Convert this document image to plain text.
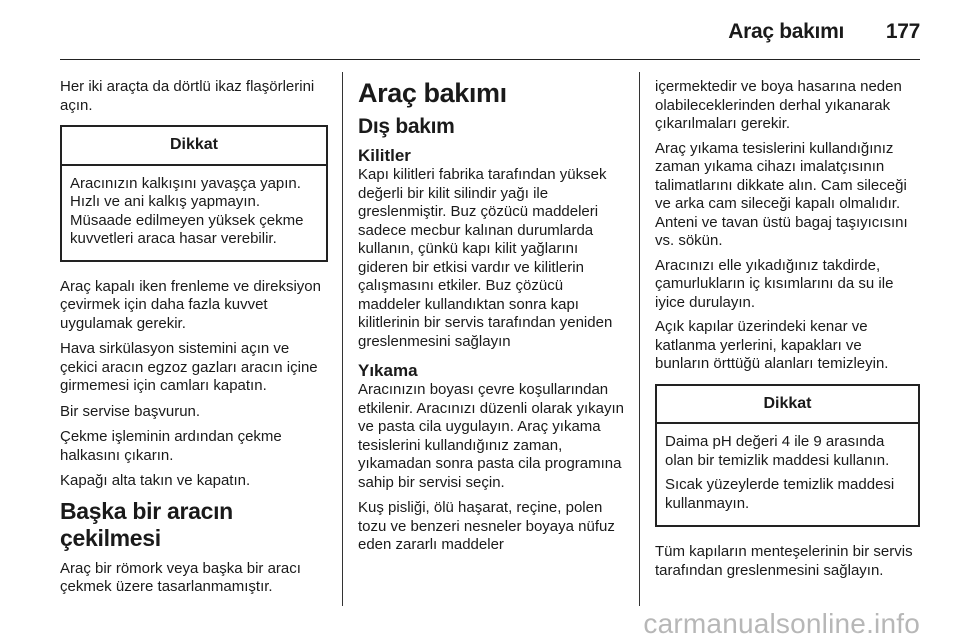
Araç bakımı 177

Her iki araçta da dörtlü ikaz flaşörlerini açın.

Dikkat

Aracınızın kalkışını yavaşça yapın. Hızlı ve ani kalkış yapmayın. Müsaade edilmeyen yüksek çekme kuvvetleri araca hasar verebilir.

Araç kapalı iken frenleme ve direksiyon çevirmek için daha fazla kuvvet uygulamak gerekir.

Hava sirkülasyon sistemini açın ve çekici aracın egzoz gazları aracın içine girmemesi için camları kapatın.

Bir servise başvurun.

Çekme işleminin ardından çekme halkasını çıkarın.

Kapağı alta takın ve kapatın.

Başka bir aracın çekilmesi

Araç bir römork veya başka bir aracı çekmek üzere tasarlanmamıştır.

Araç bakımı
Dış bakım
Kilitler

Kapı kilitleri fabrika tarafından yüksek değerli bir kilit silindir yağı ile greslenmiştir. Buz çözücü maddeleri sadece mecbur kalınan durumlarda kullanın, çünkü kapı kilit yağlarını gideren bir etkisi vardır ve kilitlerin çalışmasını etkiler. Buz çözücü maddeler kullandıktan sonra kapı kilitlerinin bir servis tarafından yeniden greslenmesini sağlayın

Yıkama

Aracınızın boyası çevre koşullarından etkilenir. Aracınızı düzenli olarak yıkayın ve pasta cila uygulayın. Araç yıkama tesislerini kullandığınız zaman, yıkamadan sonra pasta cila programına sahip bir servisi seçin.

Kuş pisliği, ölü haşarat, reçine, polen tozu ve benzeri nesneler boyaya nüfuz eden zararlı maddeler

içermektedir ve boya hasarına neden olabileceklerinden derhal yıkanarak çıkarılmaları gerekir.

Araç yıkama tesislerini kullandığınız zaman yıkama cihazı imalatçısının talimatlarını dikkate alın. Cam sileceği ve arka cam sileceği kapalı olmalıdır. Anteni ve tavan üstü bagaj taşıyıcısını vs. sökün.

Aracınızı elle yıkadığınız takdirde, çamurlukların iç kısımlarını da su ile iyice durulayın.

Açık kapılar üzerindeki kenar ve katlanma yerlerini, kapakları ve bunların örttüğü alanları temizleyin.

Dikkat

Daima pH değeri 4 ile 9 arasında olan bir temizlik maddesi kullanın.

Sıcak yüzeylerde temizlik maddesi kullanmayın.

Tüm kapıların menteşelerinin bir servis tarafından greslenmesini sağlayın.

carmanualsonline.info
